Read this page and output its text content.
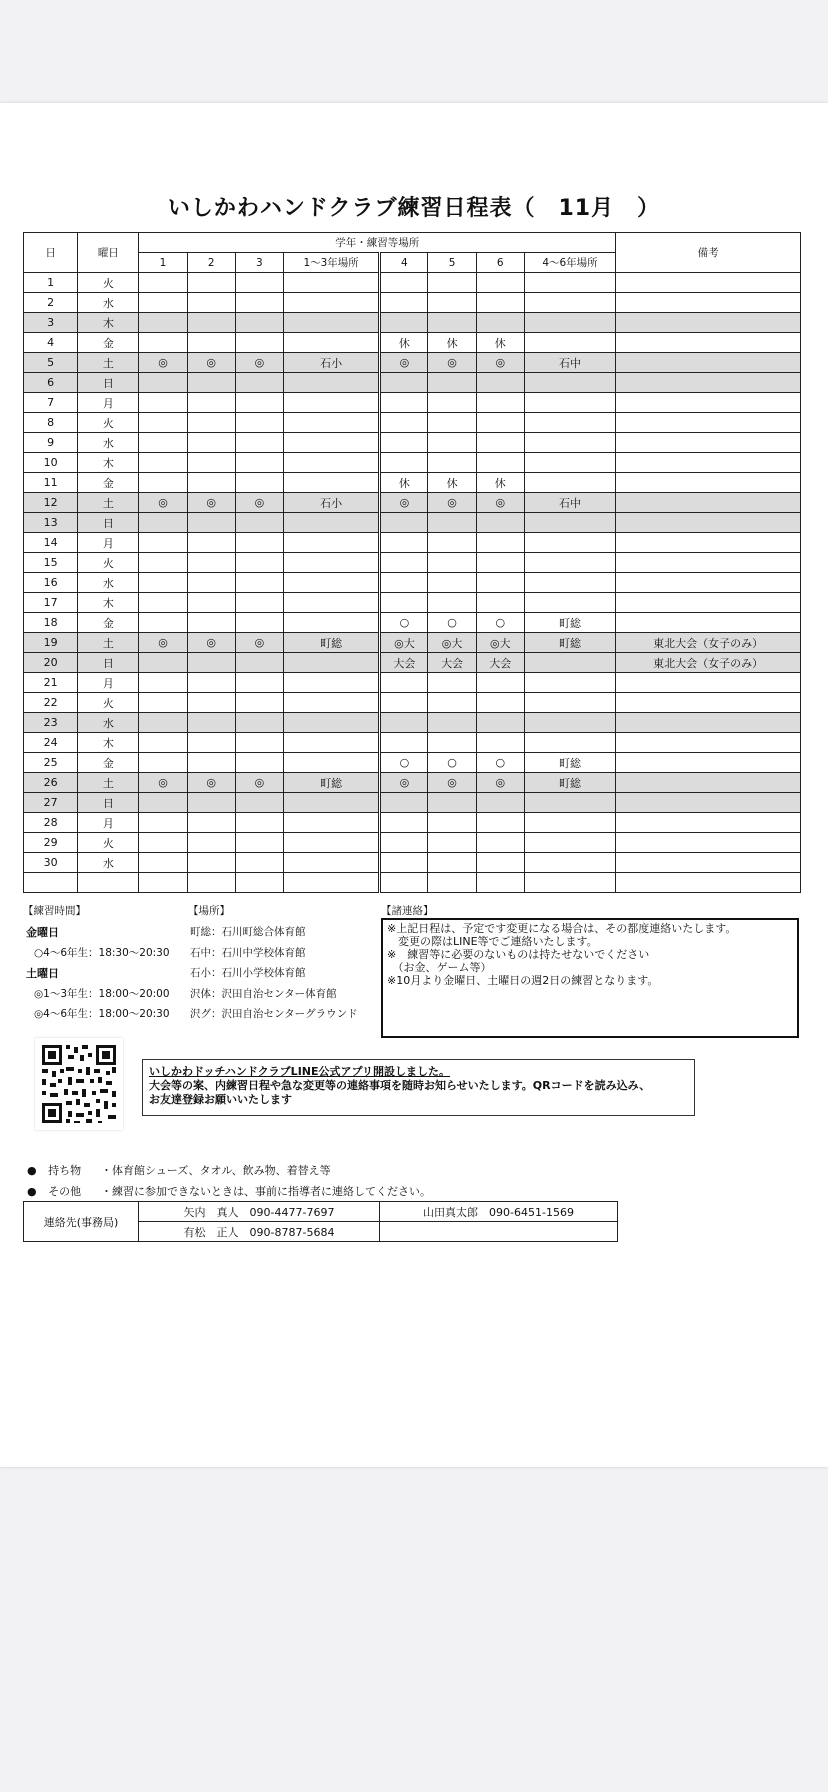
いしかわハンドクラブ練習日程表（　11月　）
日	曜日	学年・練習等場所								備考
		1	2	3	1～3年場所	4	5	6	4～6年場所	
1	火									
2	水									
3	木									
4	金					休	休	休		
5	土	◎	◎	◎	石小	◎	◎	◎	石中	
6	日									
7	月									
8	火									
9	水									
10	木									
11	金					休	休	休		
12	土	◎	◎	◎	石小	◎	◎	◎	石中	
13	日									
14	月									
15	火									
16	水									
17	木									
18	金					○	○	○	町総	
19	土	◎	◎	◎	町総	◎大	◎大	◎大	町総	東北大会（女子のみ）
20	日					大会	大会	大会		東北大会（女子のみ）
21	月									
22	火									
23	水									
24	木									
25	金					○	○	○	町総	
26	土	◎	◎	◎	町総	◎	◎	◎	町総	
27	日									
28	月									
29	火									
30	水									

【練習時間】
金曜日
○4～6年生：18:30～20:30
土曜日
◎1～3年生：18:00～20:00
◎4～6年生：18:00～20:30
【場所】
町総：石川町総合体育館
石中：石川中学校体育館
石小：石川小学校体育館
沢体：沢田自治センター体育館
沢グ：沢田自治センターグラウンド
【諸連絡】
※上記日程は、予定です変更になる場合は、その都度連絡いたします。
　変更の際はLINE等でご連絡いたします。
※　練習等に必要のないものは持たせないでください
　（お金、ゲーム等）
※10月より金曜日、土曜日の週2日の練習となります。
いしかわドッチハンドクラブLINE公式アプリ開設しました。
大会等の案、内練習日程や急な変更等の連絡事項を随時お知らせいたします。QRコードを読み込み、
お友達登録お願いいたします
● 持ち物 ・体育館シューズ、タオル、飲み物、着替え等
● その他 ・練習に参加できないときは、事前に指導者に連絡してください。
連絡先(事務局)	矢内　真人　090-4477-7697	山田真太郎　090-6451-1569
	有松　正人　090-8787-5684	
